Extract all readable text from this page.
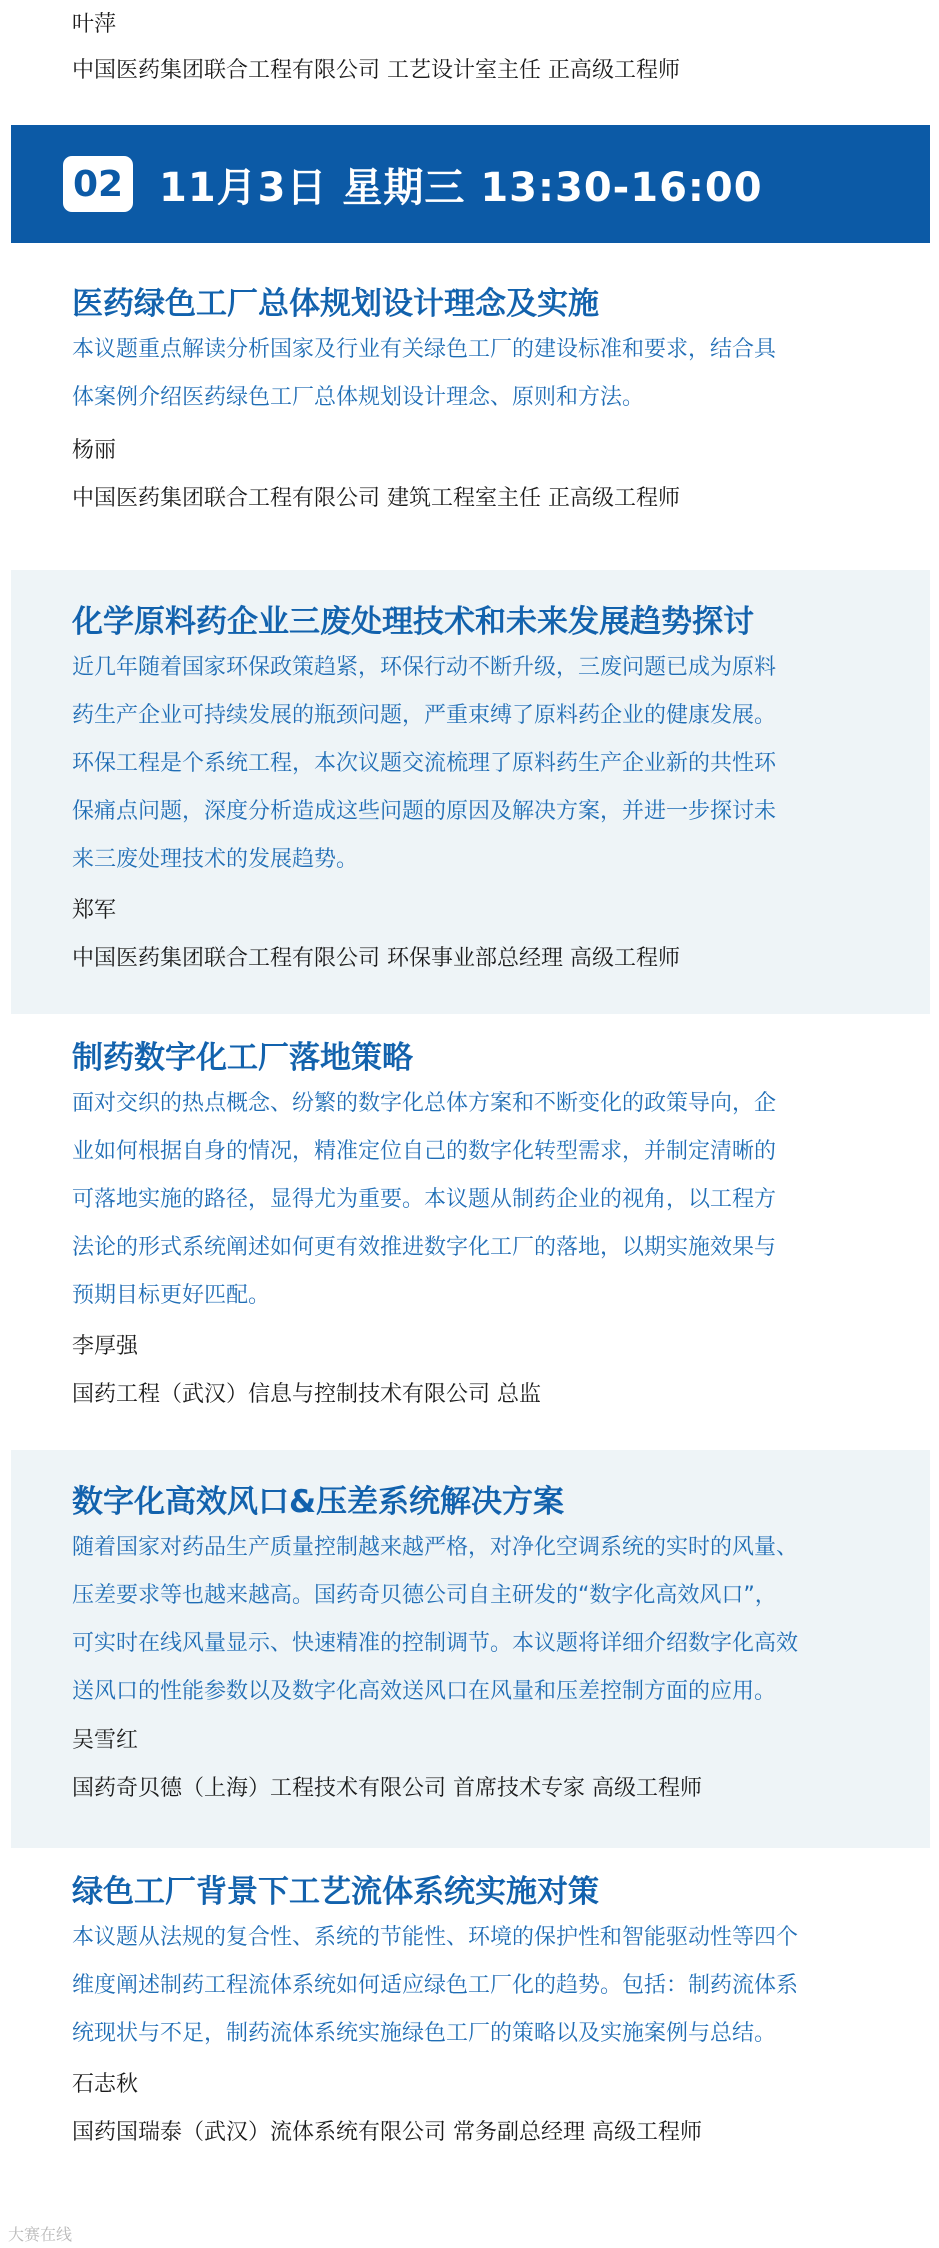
叶萍
中国医药集团联合工程有限公司 工艺设计室主任 正高级工程师
02 11月3日 星期三 13:30-16:00

医药绿色工厂总体规划设计理念及实施

本议题重点解读分析国家及行业有关绿色工厂的建设标准和要求，结合具

体案例介绍医药绿色工厂总体规划设计理念、原则和方法。

杨丽

中国医药集团联合工程有限公司 建筑工程室主任 正高级工程师

化学原料药企业三废处理技术和未来发展趋势探讨

近几年随着国家环保政策趋紧，环保行动不断升级，三废问题已成为原料

药生产企业可持续发展的瓶颈问题，严重束缚了原料药企业的健康发展。

环保工程是个系统工程，本次议题交流梳理了原料药生产企业新的共性环

保痛点问题，深度分析造成这些问题的原因及解决方案，并进一步探讨未

来三废处理技术的发展趋势。

郑军

中国医药集团联合工程有限公司 环保事业部总经理 高级工程师

制药数字化工厂落地策略

面对交织的热点概念、纷繁的数字化总体方案和不断变化的政策导向，企

业如何根据自身的情况，精准定位自己的数字化转型需求，并制定清晰的

可落地实施的路径，显得尤为重要。本议题从制药企业的视角，以工程方

法论的形式系统阐述如何更有效推进数字化工厂的落地，以期实施效果与

预期目标更好匹配。

李厚强

国药工程（武汉）信息与控制技术有限公司 总监

数字化高效风口&压差系统解决方案

随着国家对药品生产质量控制越来越严格，对净化空调系统的实时的风量、

压差要求等也越来越高。国药奇贝德公司自主研发的“数字化高效风口”，

可实时在线风量显示、快速精准的控制调节。本议题将详细介绍数字化高效

送风口的性能参数以及数字化高效送风口在风量和压差控制方面的应用。

吴雪红

国药奇贝德（上海）工程技术有限公司 首席技术专家 高级工程师

绿色工厂背景下工艺流体系统实施对策

本议题从法规的复合性、系统的节能性、环境的保护性和智能驱动性等四个

维度阐述制药工程流体系统如何适应绿色工厂化的趋势。包括：制药流体系

统现状与不足，制药流体系统实施绿色工厂的策略以及实施案例与总结。

石志秋

国药国瑞泰（武汉）流体系统有限公司 常务副总经理 高级工程师

大赛在线
